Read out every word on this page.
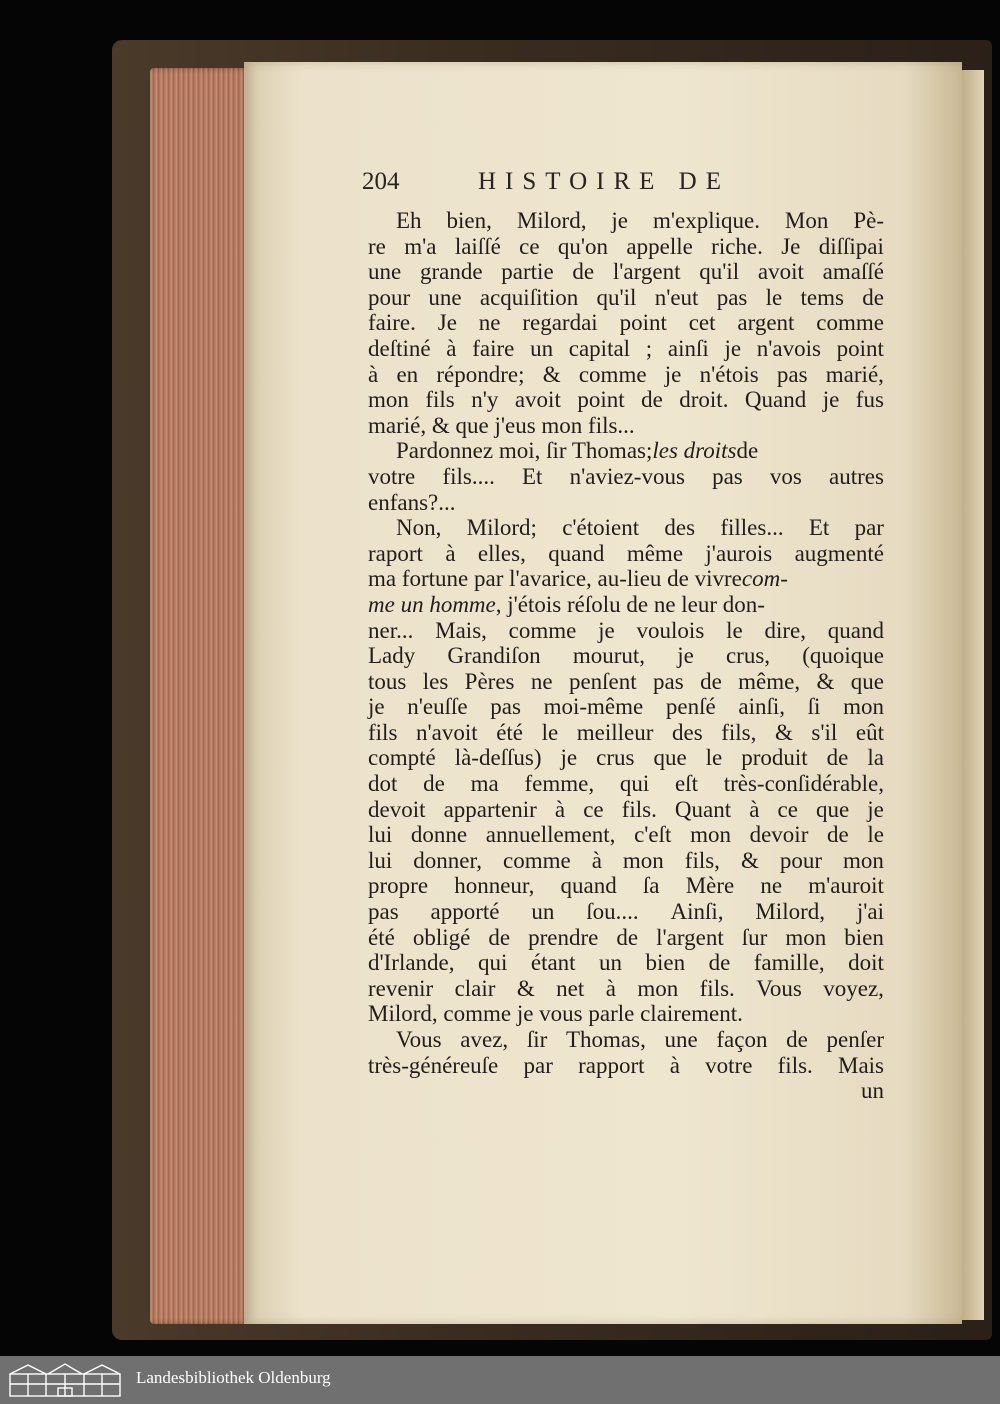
204	HISTOIRE DE
Eh bien, Milord, je m'explique. Mon Pè-
re m'a laiſſé ce qu'on appelle riche. Je diſſipai
une grande partie de l'argent qu'il avoit amaſſé
pour une acquiſition qu'il n'eut pas le tems de
faire. Je ne regardai point cet argent comme
deſtiné à faire un capital ; ainſi je n'avois point
à en répondre; & comme je n'étois pas marié,
mon fils n'y avoit point de droit. Quand je fus
marié, & que j'eus mon fils...
Pardonnez moi, ſir Thomas; les droits de
votre fils.... Et n'aviez-vous pas vos autres
enfans?...
Non, Milord; c'étoient des filles... Et par
raport à elles, quand même j'aurois augmenté
ma fortune par l'avarice, au-lieu de vivre com-
me un homme , j'étois réſolu de ne leur don-
ner... Mais, comme je voulois le dire, quand
Lady Grandiſon mourut, je crus, (quoique
tous les Pères ne penſent pas de même, & que
je n'euſſe pas moi-même penſé ainſi, ſi mon
fils n'avoit été le meilleur des fils, & s'il eût
compté là-deſſus) je crus que le produit de la
dot de ma femme, qui eſt très-conſidérable,
devoit appartenir à ce fils. Quant à ce que je
lui donne annuellement, c'eſt mon devoir de le
lui donner, comme à mon fils, & pour mon
propre honneur, quand ſa Mère ne m'auroit
pas apporté un ſou.... Ainſi, Milord, j'ai
été obligé de prendre de l'argent ſur mon bien
d'Irlande, qui étant un bien de famille, doit
revenir clair & net à mon fils. Vous voyez,
Milord, comme je vous parle clairement.
Vous avez, ſir Thomas, une façon de penſer
très-généreuſe par rapport à votre fils. Mais
un
Landesbibliothek Oldenburg
